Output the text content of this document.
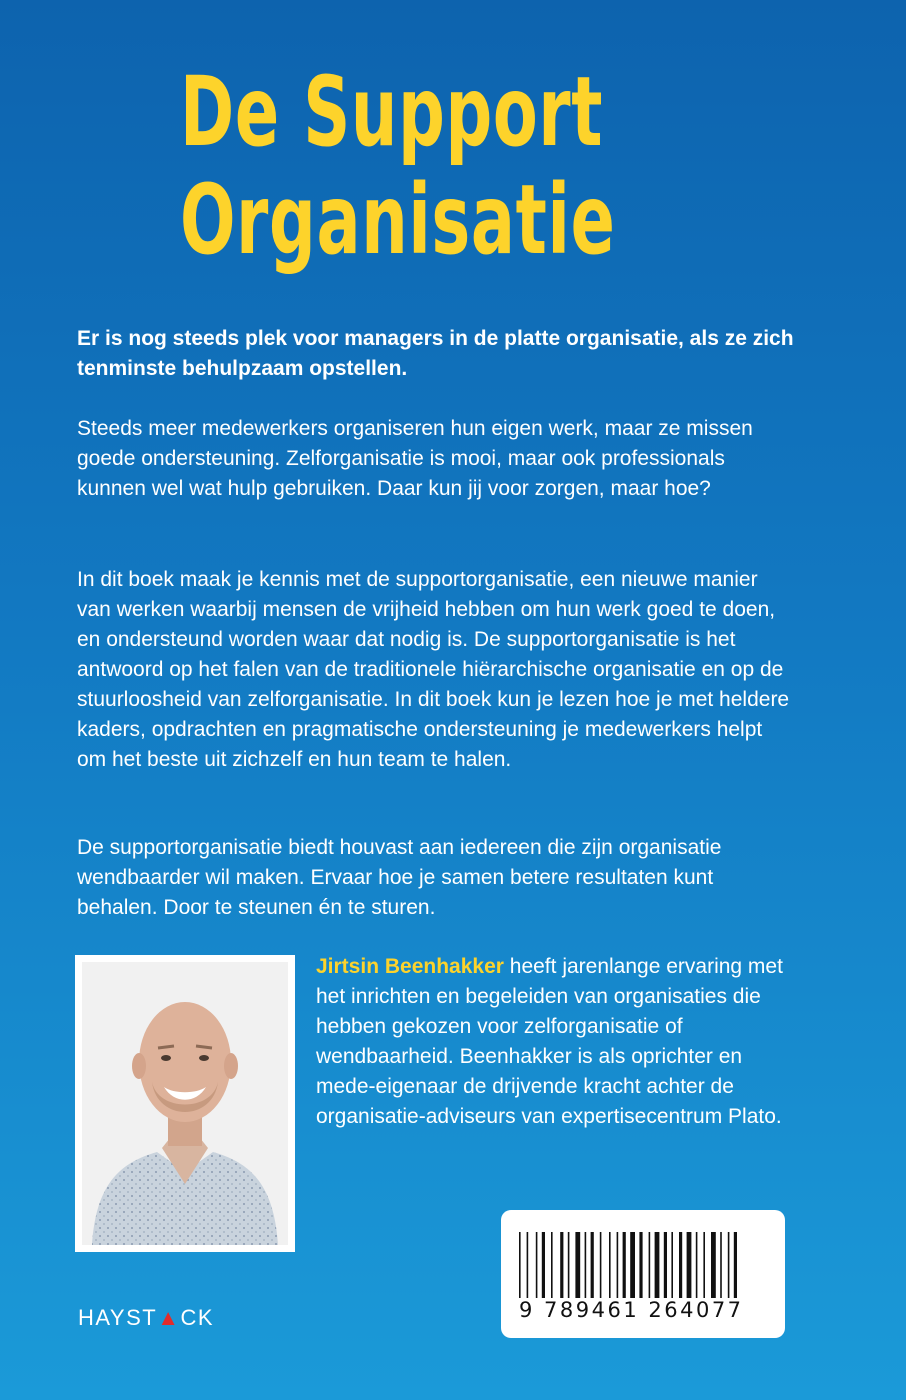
De Support
Organisatie

Er is nog steeds plek voor managers in de platte organisatie, als ze zich tenminste behulpzaam opstellen.

Steeds meer medewerkers organiseren hun eigen werk, maar ze missen goede ondersteuning. Zelforganisatie is mooi, maar ook professionals kunnen wel wat hulp gebruiken. Daar kun jij voor zorgen, maar hoe?

In dit boek maak je kennis met de supportorganisatie, een nieuwe manier van werken waarbij mensen de vrijheid hebben om hun werk goed te doen, en ondersteund worden waar dat nodig is. De supportorganisatie is het antwoord op het falen van de traditionele hiërarchische organisatie en op de stuurloosheid van zelforganisatie. In dit boek kun je lezen hoe je met heldere kaders, opdrachten en pragmatische ondersteuning je medewerkers helpt om het beste uit zichzelf en hun team te halen.

De supportorganisatie biedt houvast aan iedereen die zijn organisatie wendbaarder wil maken. Ervaar hoe je samen betere resultaten kunt behalen. Door te steunen én te sturen.

Jirtsin Beenhakker heeft jarenlange ervaring met het inrichten en begeleiden van organisaties die hebben gekozen voor zelforganisatie of wendbaarheid. Beenhakker is als oprichter en mede-eigenaar de drijvende kracht achter de organisatie-adviseurs van expertisecentrum Plato.

9 789461 264077
HAYST▲CK
